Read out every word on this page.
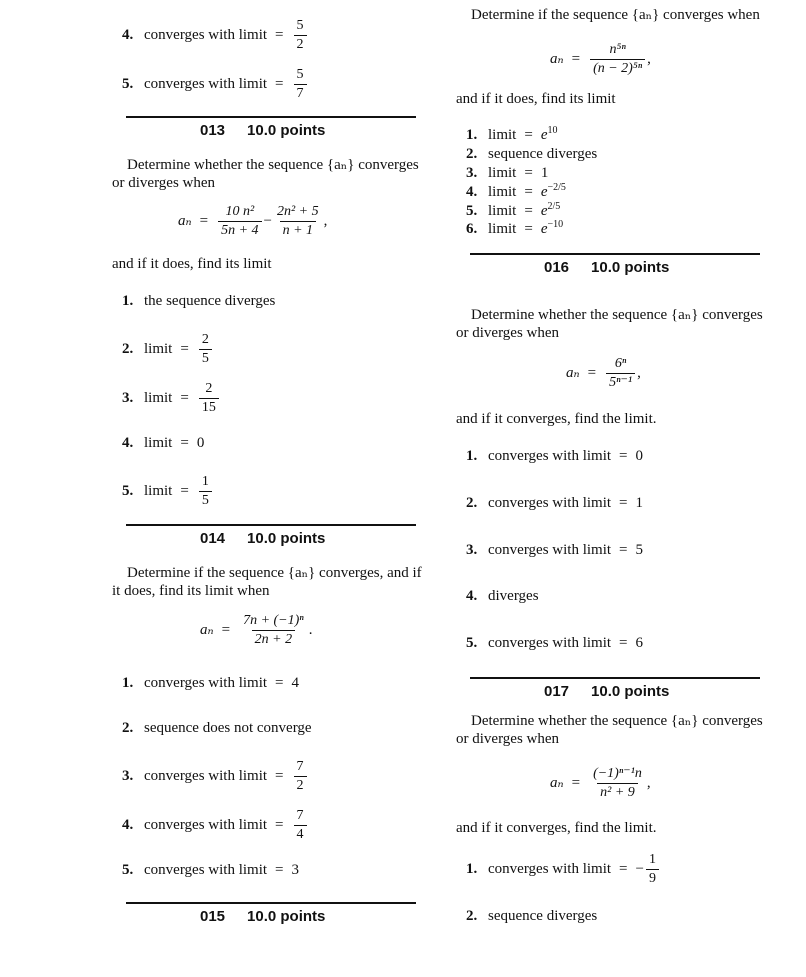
4. converges with limit = $\frac{5}{2}$
5. converges with limit = $\frac{5}{7}$
013 10.0 points
Determine whether the sequence {aₙ} converges or diverges when
$a_n = \frac{\text{10 n²}}{5n + 4} - \frac{\text{2n² + 5}}{n + 1}$ ,
and if it does, find its limit
1. the sequence diverges
2. limit = $\frac{2}{5}$
3. limit = $\frac{2}{15}$
4. limit = 0
5. limit = $\frac{1}{5}$
014 10.0 points
Determine if the sequence {aₙ} converges, and if it does, find its limit when
$a_n = \frac{\text{7n + (−1)ⁿ}}{2n + 2}$ .
1. converges with limit = 4
2. sequence does not converge
3. converges with limit = $\frac{7}{2}$
4. converges with limit = $\frac{7}{4}$
5. converges with limit = 3
015 10.0 points
Determine if the sequence {aₙ} converges when
$a_n = \frac{\text{n⁵ⁿ}}{\text{(n − 2)⁵ⁿ}}$ ,
and if it does, find its limit
1. limit = $e^{10}$
2. sequence diverges
3. limit = 1
4. limit = $e^{-2/5}$
5. limit = $e^{2/5}$
6. limit = $e^{-10}$
016 10.0 points
Determine whether the sequence {aₙ} converges or diverges when
$a_n = \frac{\text{6ⁿ}}{\text{5ⁿ⁻¹}}$ ,
and if it converges, find the limit.
1. converges with limit = 0
2. converges with limit = 1
3. converges with limit = 5
4. diverges
5. converges with limit = 6
017 10.0 points
Determine whether the sequence {aₙ} converges or diverges when
$a_n = \frac{\text{(−1)ⁿ⁻¹n}}{\text{n² + 9}}$ ,
and if it converges, find the limit.
1. converges with limit = − $\frac{1}{9}$
2. sequence diverges
